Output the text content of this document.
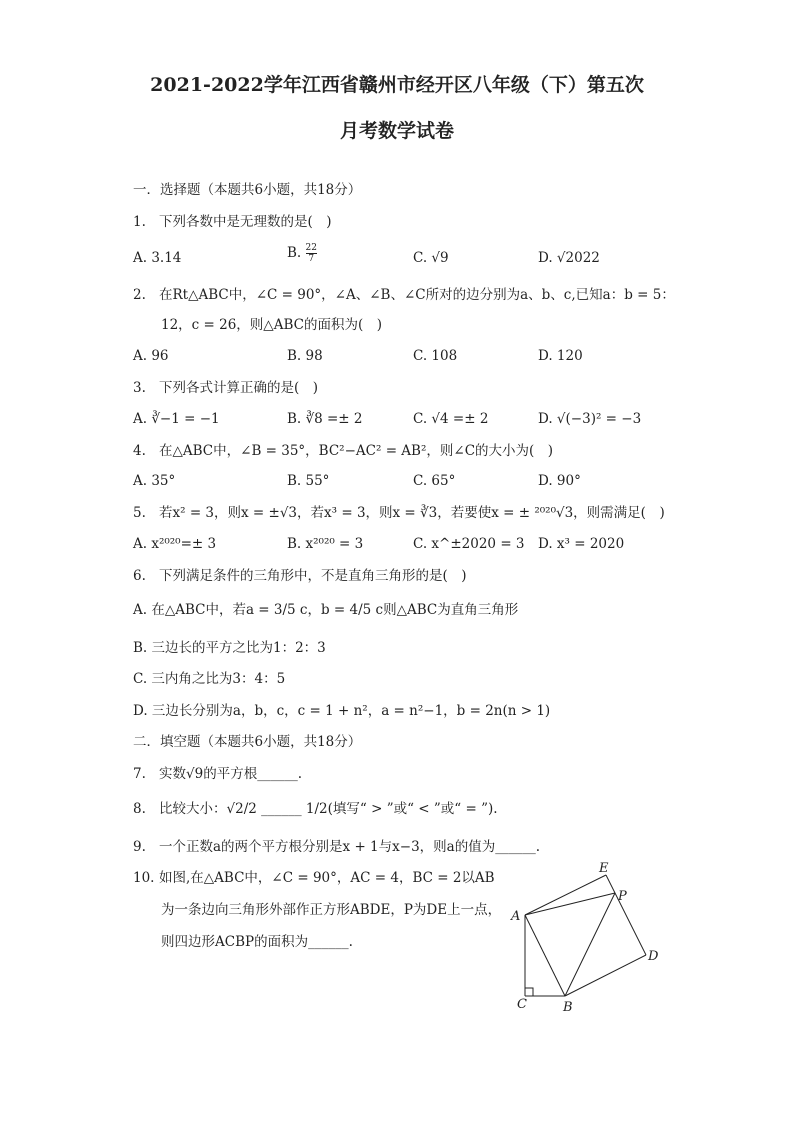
2021-2022学年江西省赣州市经开区八年级（下）第五次
月考数学试卷
一．选择题（本题共6小题，共18分）
1. 下列各数中是无理数的是(　)
A. 3.14	B. $\frac{22}{7}$	C. √9	D. √2022
2. 在Rt△ABC中，∠C = 90°，∠A、∠B、∠C所对的边分别为a、b、c,已知a：b = 5：
12，c = 26，则△ABC的面积为(　)
A. 96	B. 98	C. 108	D. 120
3. 下列各式计算正确的是(　)
A. ∛−1 = −1	B. ∛8 =± 2	C. √4 =± 2	D. √(−3)² = −3
4. 在△ABC中，∠B = 35°，BC²−AC² = AB²，则∠C的大小为(　)
A. 35°	B. 55°	C. 65°	D. 90°
5. 若x² = 3，则x = ±√3，若x³ = 3，则x = ∛3，若要使x = ± ²⁰²⁰√3，则需满足(　)
A. x²⁰²⁰=± 3	B. x²⁰²⁰ = 3	C. x^±2020 = 3 D. x³ = 2020
6. 下列满足条件的三角形中，不是直角三角形的是(　)
A. 在△ABC中，若a = 3/5 c，b = 4/5 c则△ABC为直角三角形
B. 三边长的平方之比为1：2：3
C. 三内角之比为3：4：5
D. 三边长分别为a，b，c，c = 1 + n²，a = n²−1，b = 2n(n > 1)
二．填空题（本题共6小题，共18分）
7. 实数√9的平方根______.
8. 比较大小：√2/2 ______ 1/2(填写“ > ”或“ < ”或“ = ”).
9. 一个正数a的两个平方根分别是x + 1与x−3，则a的值为______.
10. 如图,在△ABC中，∠C = 90°，AC = 4，BC = 2以AB
为一条边向三角形外部作正方形ABDE，P为DE上一点，
则四边形ACBP的面积为______.
A
B
C
D
E
P
